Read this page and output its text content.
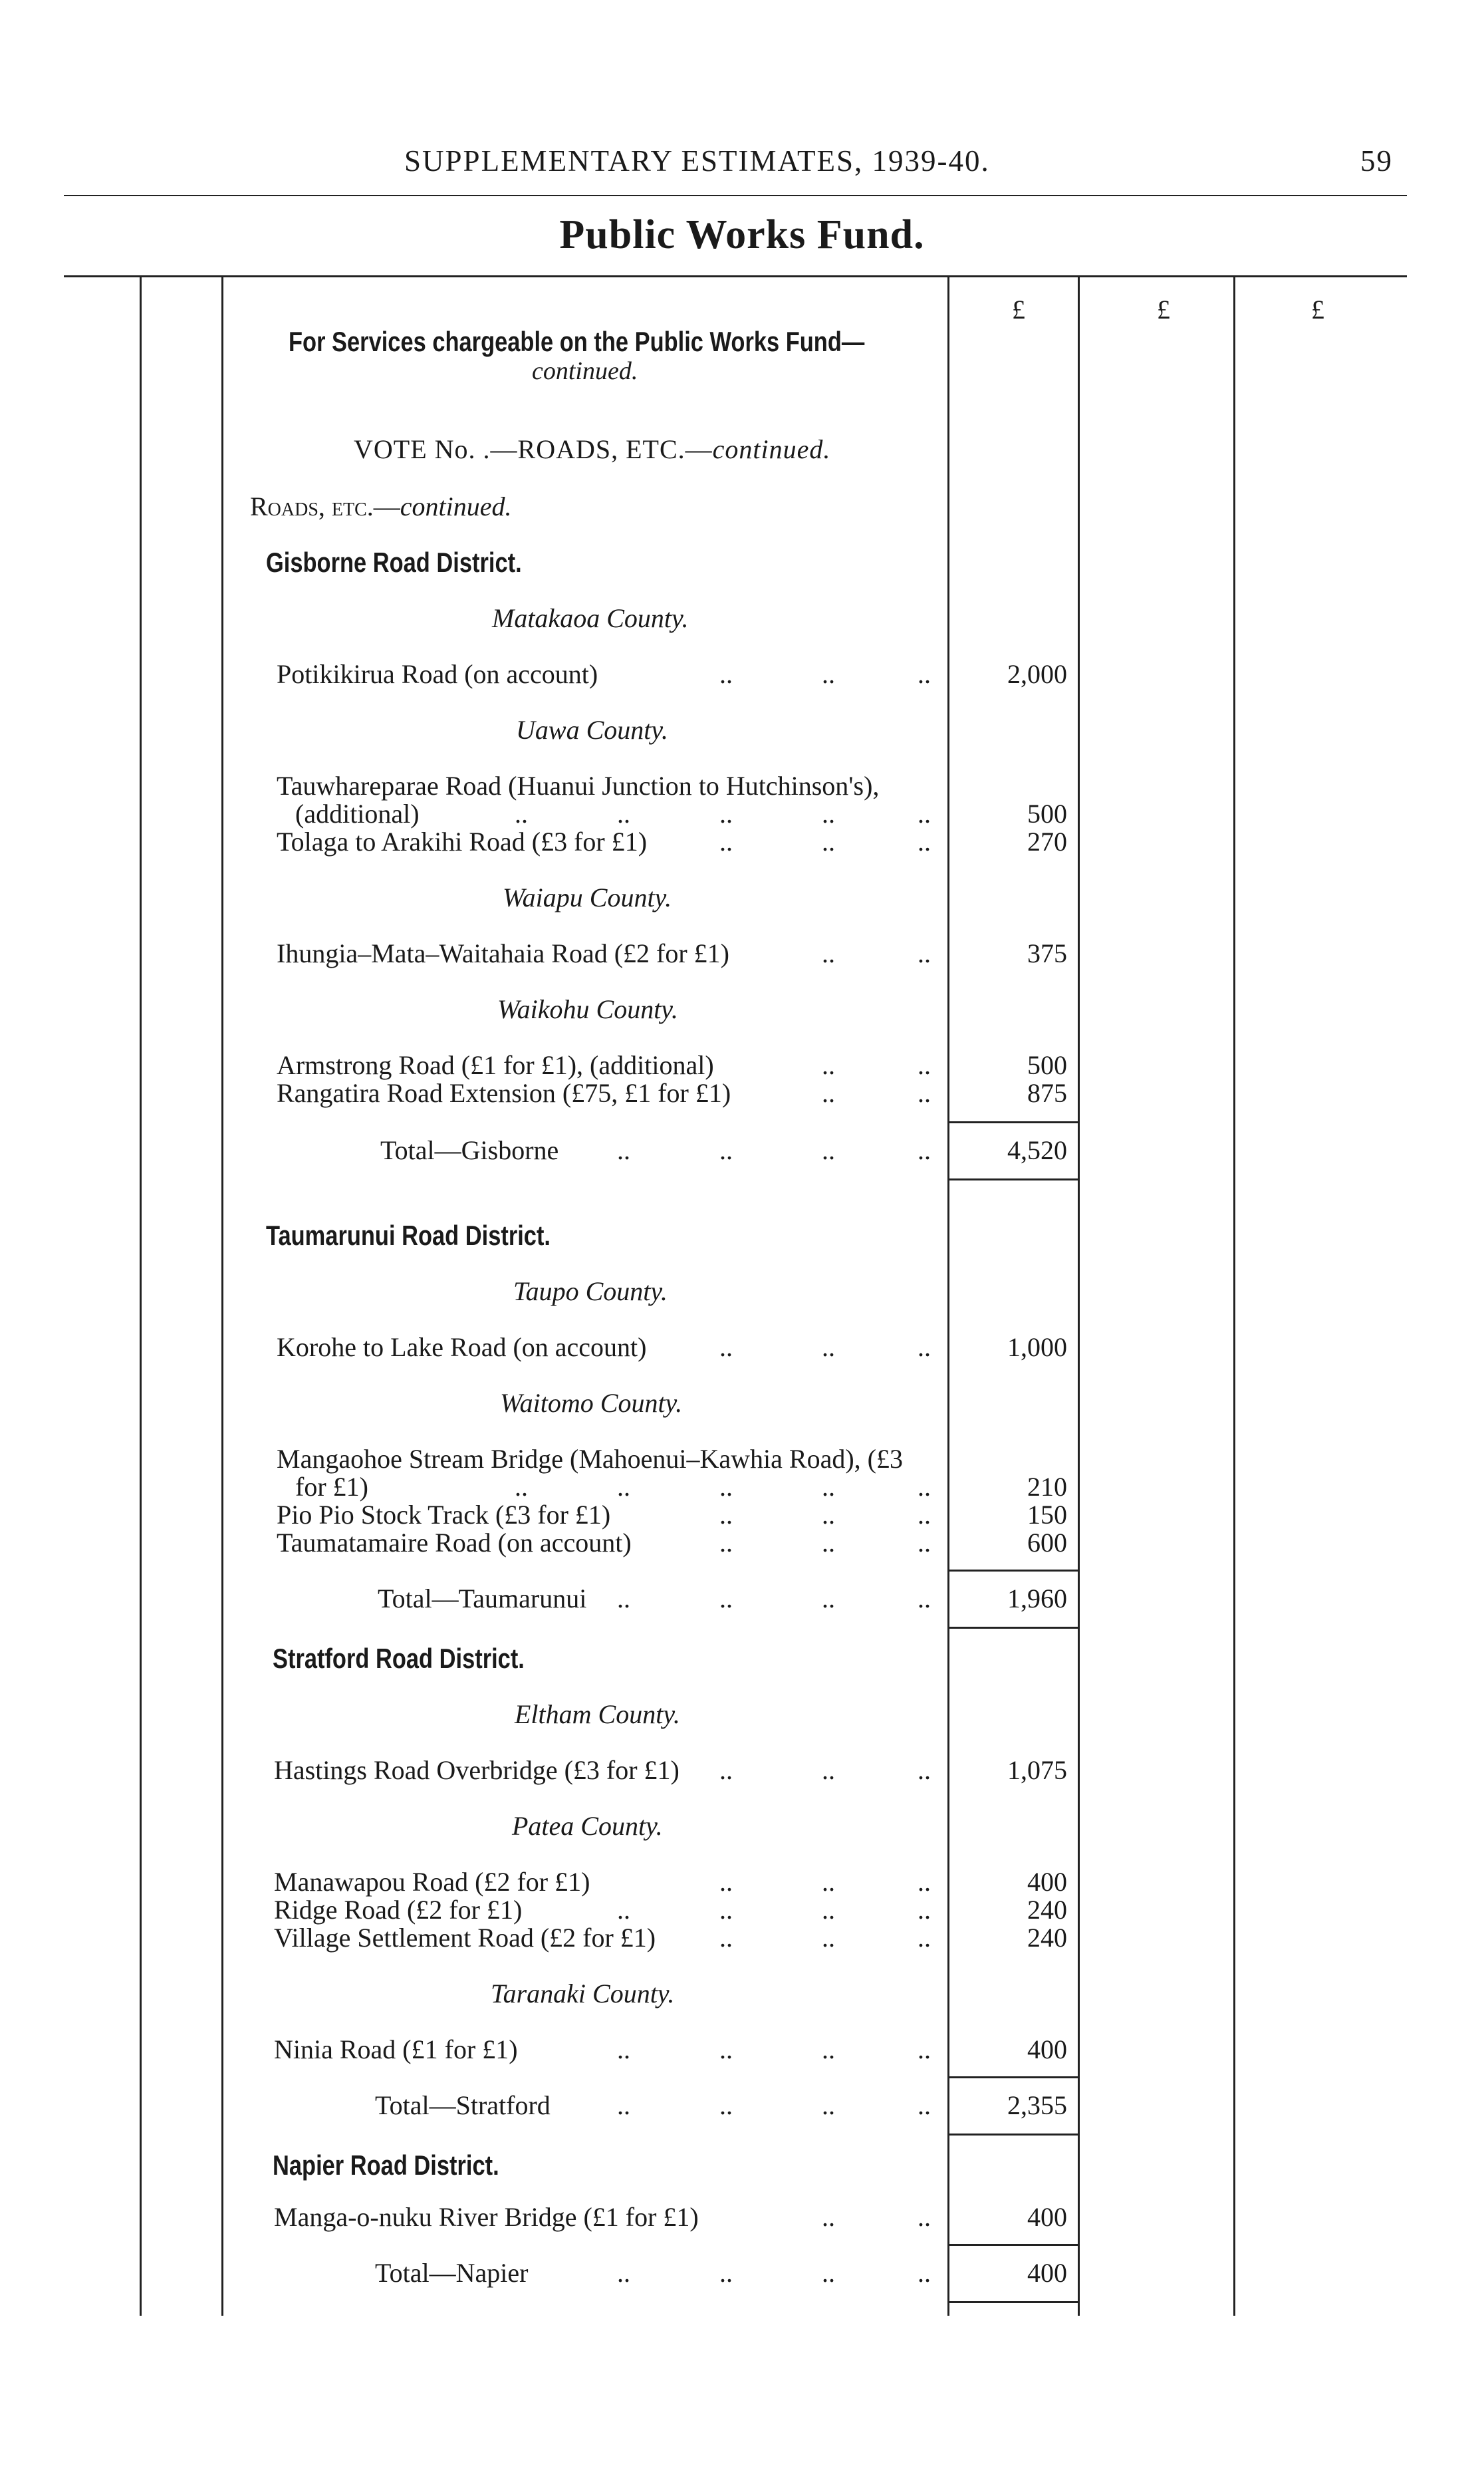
SUPPLEMENTARY ESTIMATES, 1939-40.	59
Public Works Fund.
£	£	£
For Services chargeable on the Public Works Fund—
continued.
VOTE No. .—ROADS, ETC.—continued.
Roads, etc.—continued.
Gisborne Road District.
Matakaoa County.
Potikikirua Road (on account)	..	..	..	2,000
Uawa County.
Tauwhareparae Road (Huanui Junction to Hutchinson's),
(additional)	..	..	..	..	..	500
Tolaga to Arakihi Road (£3 for £1)	..	..	..	270
Waiapu County.
Ihungia–Mata–Waitahaia Road (£2 for £1)	..	..	375
Waikohu County.
Armstrong Road (£1 for £1), (additional)	..	..	500
Rangatira Road Extension (£75, £1 for £1)	..	..	875
Total—Gisborne ..	..	..	..	4,520
Taumarunui Road District.
Taupo County.
Korohe to Lake Road (on account)	..	..	..	1,000
Waitomo County.
Mangaohoe Stream Bridge (Mahoenui–Kawhia Road), (£3
for £1)	..	..	..	..	..	210
Pio Pio Stock Track (£3 for £1)	..	..	..	150
Taumatamaire Road (on account)	..	..	..	600
Total—Taumarunui ..	..	..	..	1,960
Stratford Road District.
Eltham County.
Hastings Road Overbridge (£3 for £1) ..	..	..	1,075
Patea County.
Manawapou Road (£2 for £1)	..	..	..	400
Ridge Road (£2 for £1)	..	..	..	..	240
Village Settlement Road (£2 for £1) ..	..	..	240
Taranaki County.
Ninia Road (£1 for £1)	..	..	..	..	400
Total—Stratford	..	..	..	..	2,355
Napier Road District.
Manga-o-nuku River Bridge (£1 for £1)	..	..	400
Total—Napier	..	..	..	..	400
